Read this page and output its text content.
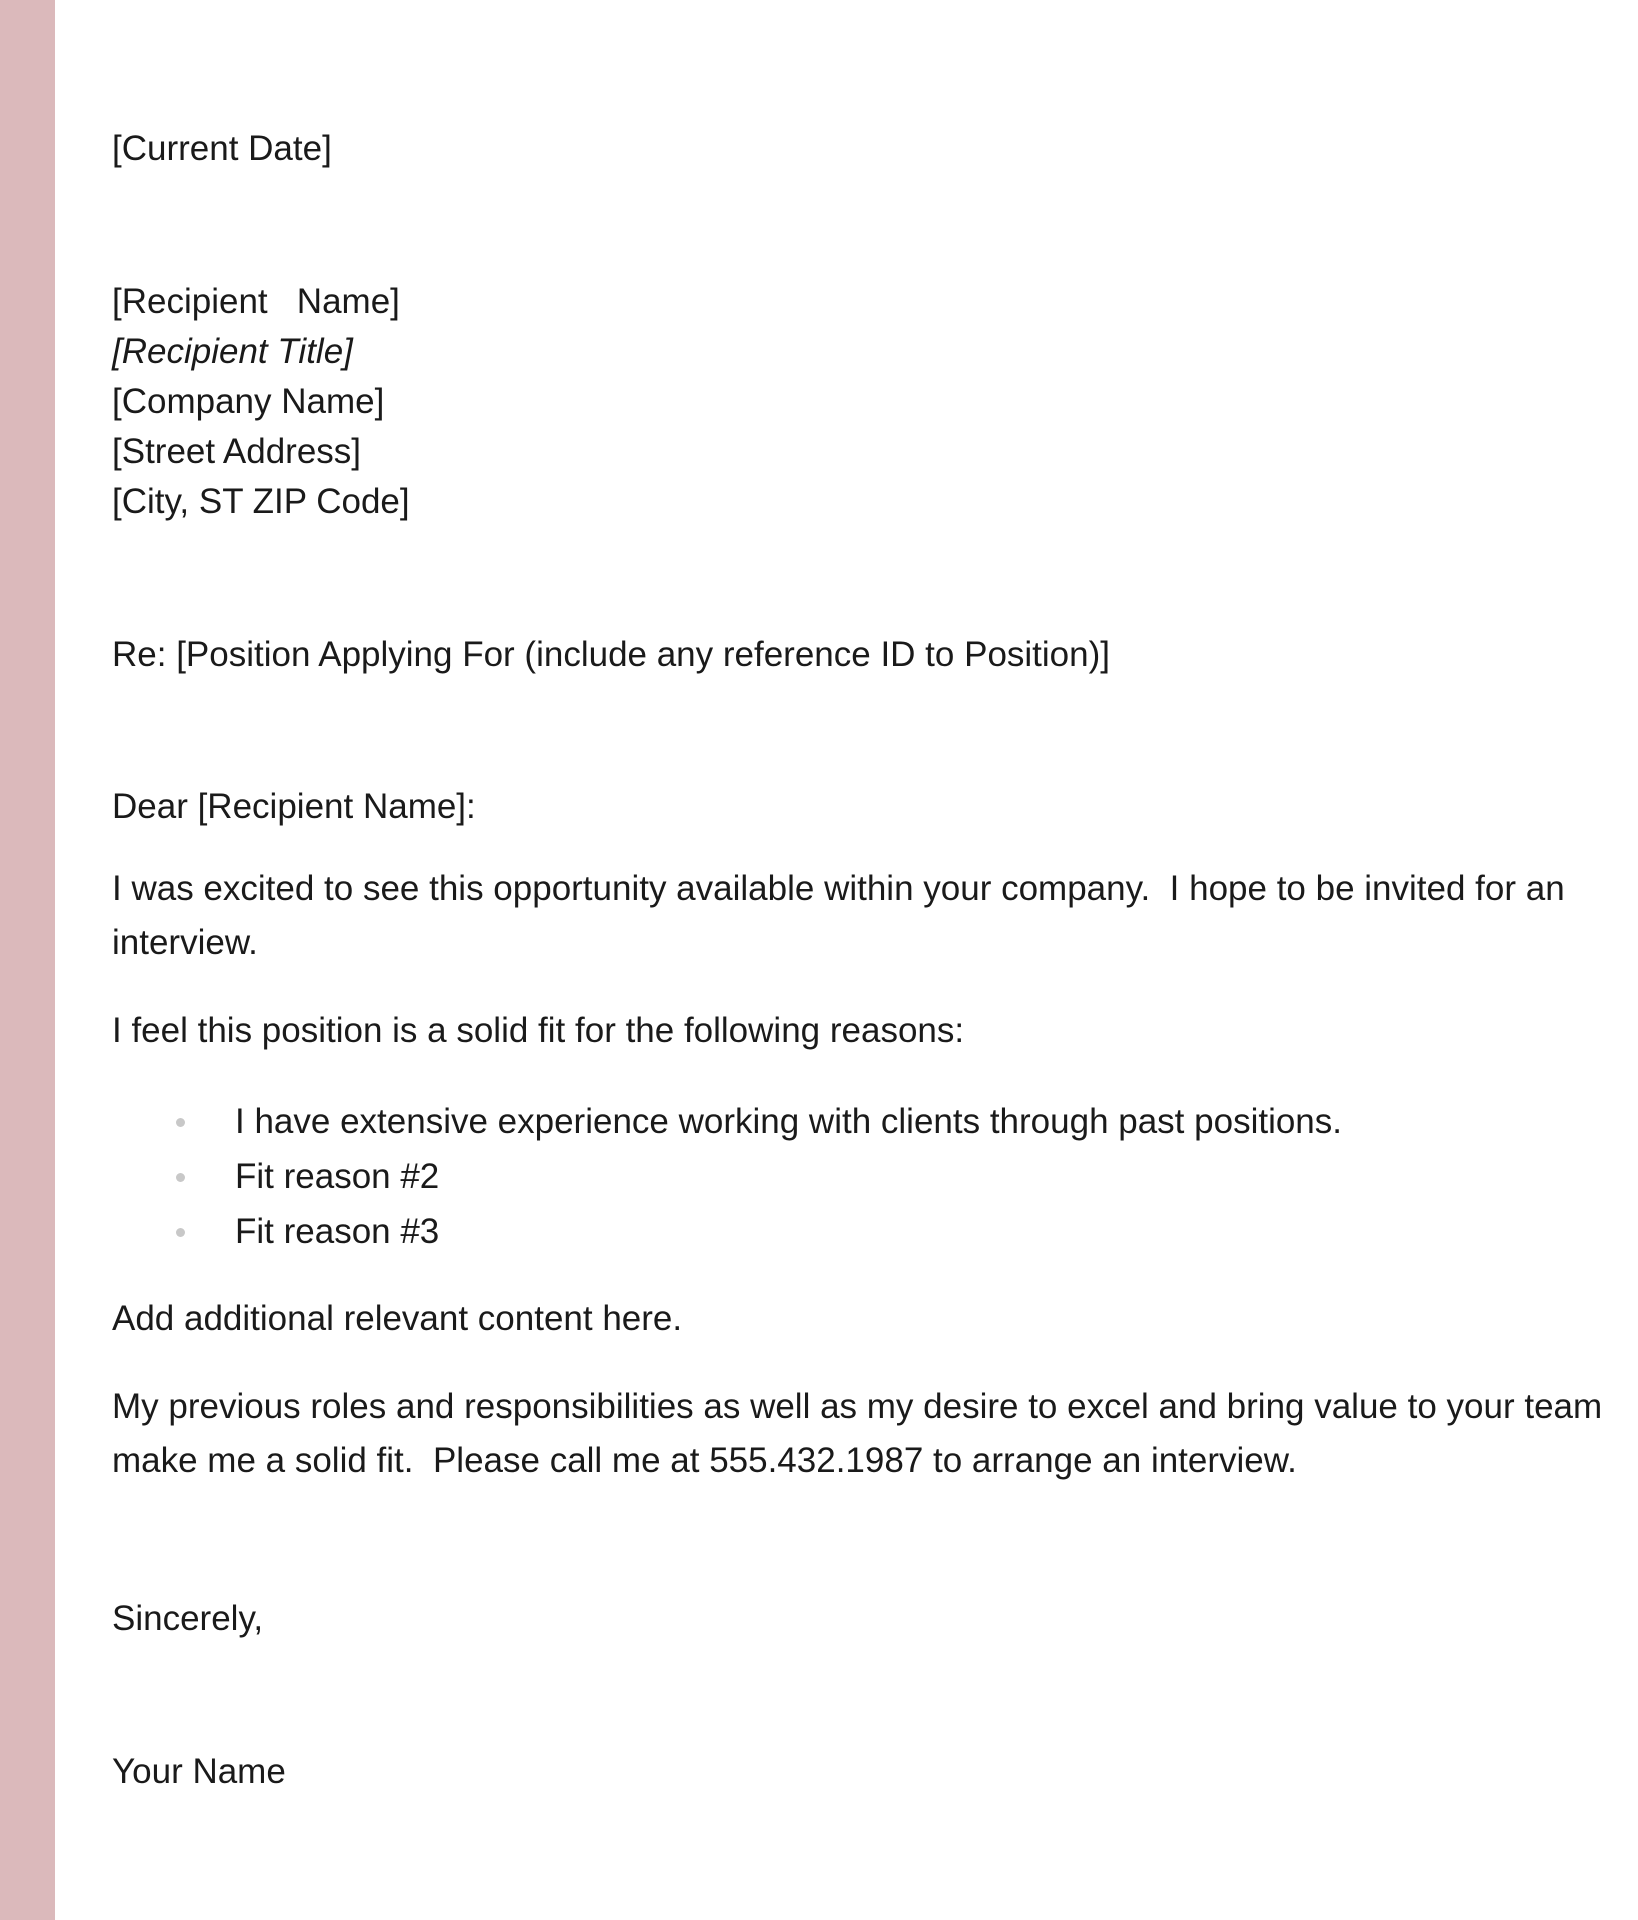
[Current Date]
[Recipient   Name]
[Recipient Title]
[Company Name]
[Street Address]
[City, ST ZIP Code]
Re: [Position Applying For (include any reference ID to Position)]
Dear [Recipient Name]:
I was excited to see this opportunity available within your company.  I hope to be invited for an interview.
I feel this position is a solid fit for the following reasons:
I have extensive experience working with clients through past positions.
Fit reason #2
Fit reason #3
Add additional relevant content here.
My previous roles and responsibilities as well as my desire to excel and bring value to your team make me a solid fit.  Please call me at 555.432.1987 to arrange an interview.
Sincerely,
Your Name
